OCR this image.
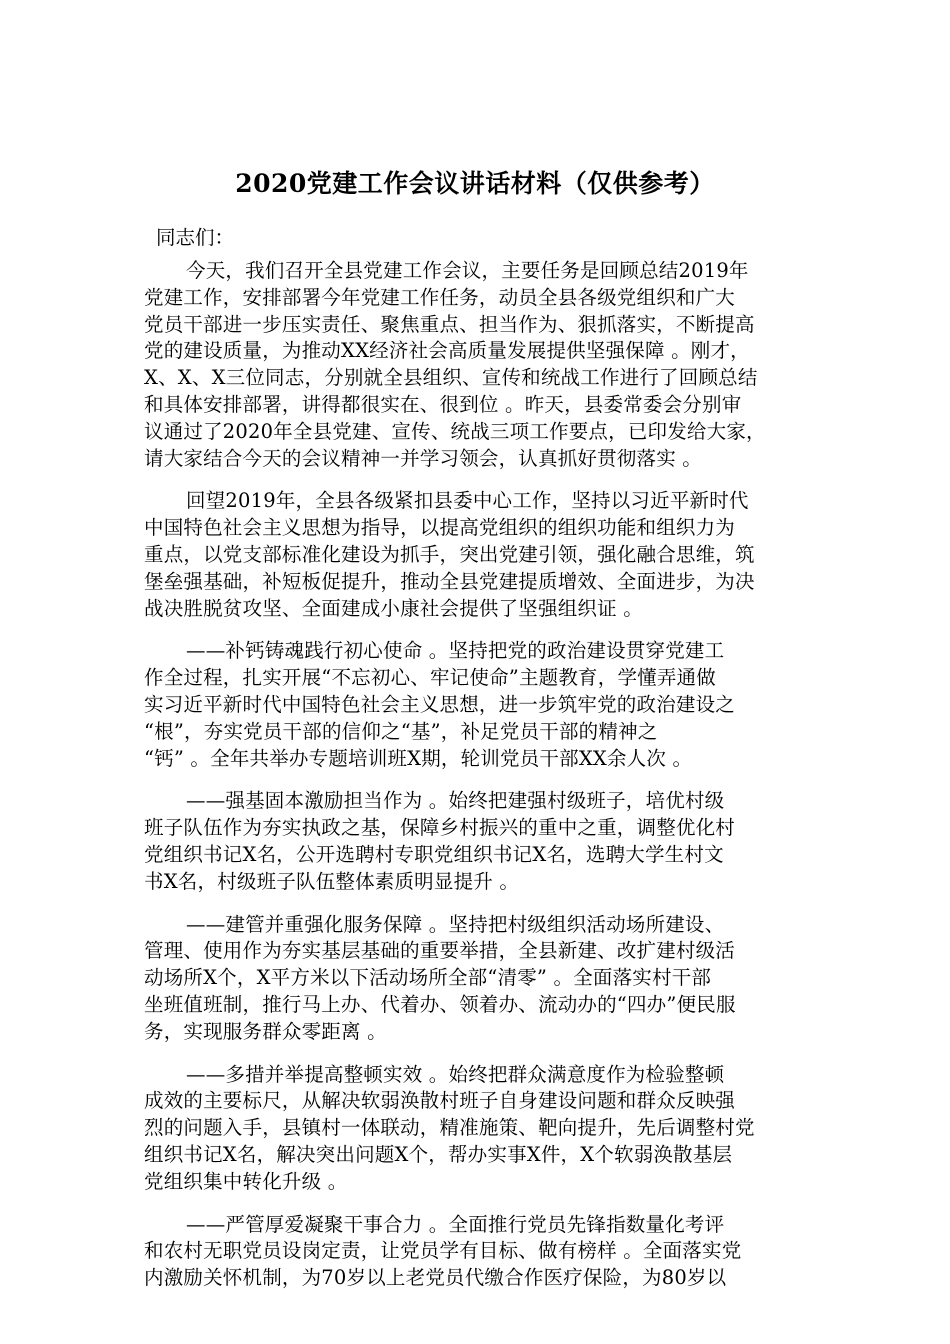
2020党建工作会议讲话材料（仅供参考）
同志们：
今天，我们召开全县党建工作会议，主要任务是回顾总结2019年
党建工作，安排部署今年党建工作任务，动员全县各级党组织和广大
党员干部进一步压实责任、聚焦重点、担当作为、狠抓落实，不断提高
党的建设质量，为推动XX经济社会高质量发展提供坚强保障 。刚才，
X、X、X三位同志，分别就全县组织、宣传和统战工作进行了回顾总结
和具体安排部署，讲得都很实在、很到位 。昨天，县委常委会分别审
议通过了2020年全县党建、宣传、统战三项工作要点，已印发给大家，
请大家结合今天的会议精神一并学习领会，认真抓好贯彻落实 。
回望2019年，全县各级紧扣县委中心工作，坚持以习近平新时代
中国特色社会主义思想为指导，以提高党组织的组织功能和组织力为
重点，以党支部标准化建设为抓手，突出党建引领，强化融合思维，筑
堡垒强基础，补短板促提升，推动全县党建提质增效、全面进步，为决
战决胜脱贫攻坚、全面建成小康社会提供了坚强组织证 。
——补钙铸魂践行初心使命 。坚持把党的政治建设贯穿党建工
作全过程，扎实开展“不忘初心、牢记使命”主题教育，学懂弄通做
实习近平新时代中国特色社会主义思想，进一步筑牢党的政治建设之
“根”，夯实党员干部的信仰之“基”，补足党员干部的精神之
“钙” 。全年共举办专题培训班X期，轮训党员干部XX余人次 。
——强基固本激励担当作为 。始终把建强村级班子，培优村级
班子队伍作为夯实执政之基，保障乡村振兴的重中之重，调整优化村
党组织书记X名，公开选聘村专职党组织书记X名，选聘大学生村文
书X名，村级班子队伍整体素质明显提升 。
——建管并重强化服务保障 。坚持把村级组织活动场所建设、
管理、使用作为夯实基层基础的重要举措，全县新建、改扩建村级活
动场所X个，X平方米以下活动场所全部“清零” 。全面落实村干部
坐班值班制，推行马上办、代着办、领着办、流动办的“四办”便民服
务，实现服务群众零距离 。
——多措并举提高整顿实效 。始终把群众满意度作为检验整顿
成效的主要标尺，从解决软弱涣散村班子自身建设问题和群众反映强
烈的问题入手，县镇村一体联动，精准施策、靶向提升，先后调整村党
组织书记X名，解决突出问题X个，帮办实事X件，X个软弱涣散基层
党组织集中转化升级 。
——严管厚爱凝聚干事合力 。全面推行党员先锋指数量化考评
和农村无职党员设岗定责，让党员学有目标、做有榜样 。全面落实党
内激励关怀机制，为70岁以上老党员代缴合作医疗保险，为80岁以
